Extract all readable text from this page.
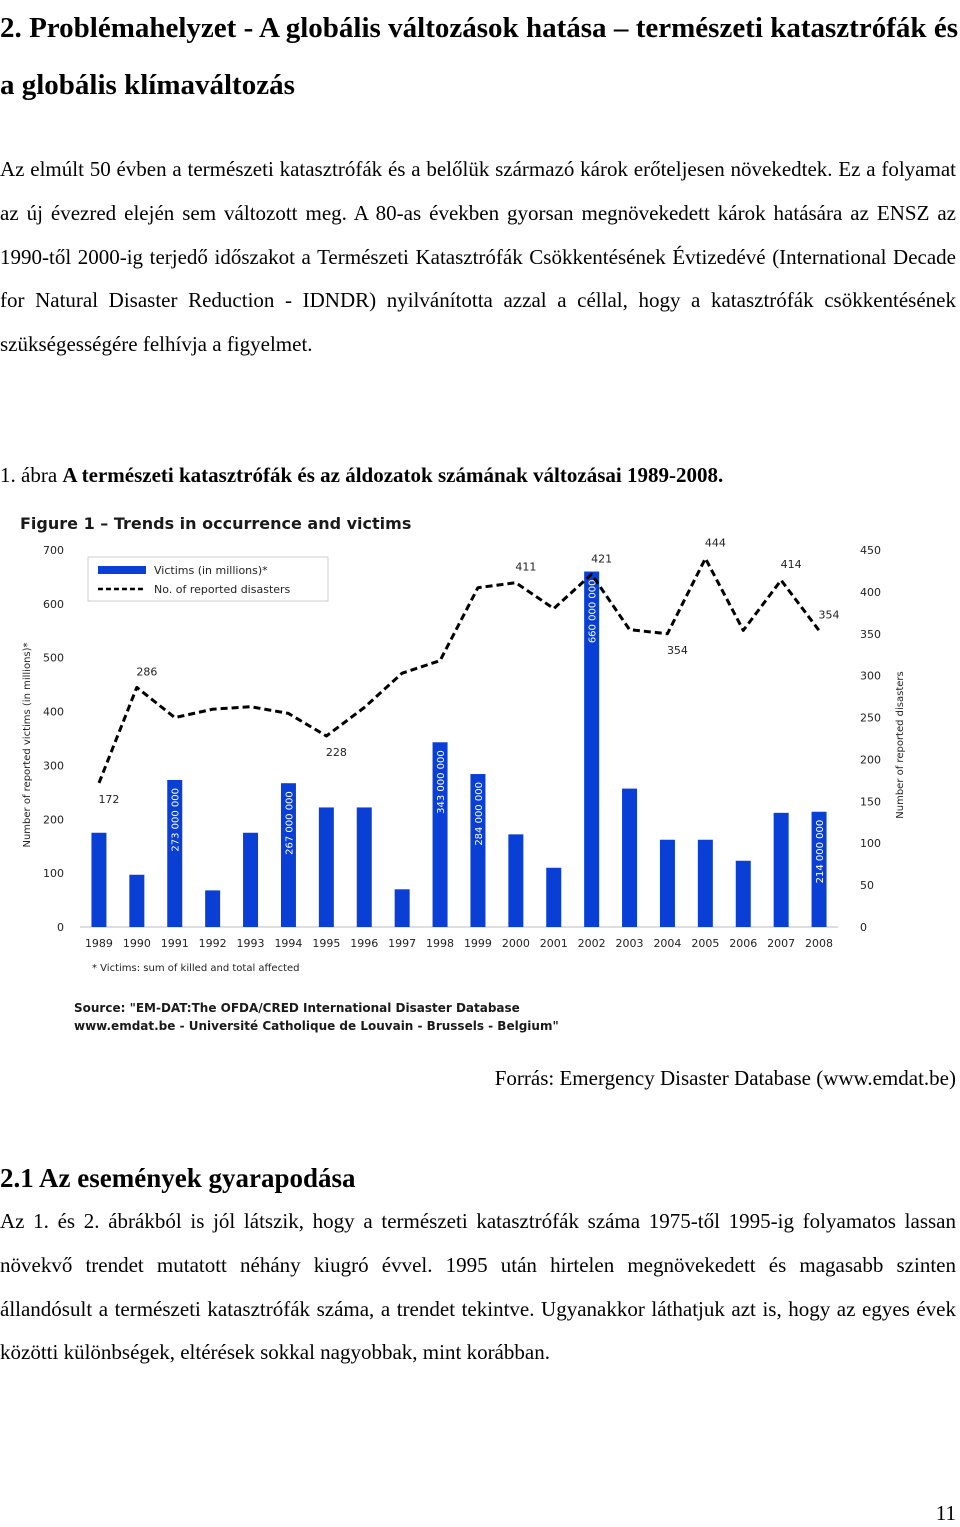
2. Problémahelyzet - A globális változások hatása – természeti katasztrófák és a globális klímaváltozás

Az elmúlt 50 évben a természeti katasztrófák és a belőlük származó károk erőteljesen növekedtek. Ez a folyamat az új évezred elején sem változott meg. A 80-as években gyorsan megnövekedett károk hatására az ENSZ az 1990-től 2000-ig terjedő időszakot a Természeti Katasztrófák Csökkentésének Évtizedévé (International Decade for Natural Disaster Reduction - IDNDR) nyilvánította azzal a céllal, hogy a katasztrófák csökkentésének szükségességére felhívja a figyelmet.

1. ábra A természeti katasztrófák és az áldozatok számának változásai 1989-2008.

Figure 1 – Trends in occurrence and victims
0
100
200
300
400
500
600
700
0
50
100
150
200
250
300
350
400
450
1989 1990 1991 1992 1993 1994 1995 1996 1997 1998 1999 2000 2001 2002 2003 2004 2005 2006 2007 2008
273 000 000	267 000 000
343 000 000	284 000 000
660 000 000
214 000 000
172
286
228
411
421
354
444
414
354
Victims (in millions)*
No. of reported disasters
Number of reported victims (in millions)*	Number of reported disasters
* Victims: sum of killed and total affected
Source: "EM-DAT:The OFDA/CRED International Disaster Database
www.emdat.be - Université Catholique de Louvain - Brussels - Belgium"

Forrás: Emergency Disaster Database (www.emdat.be)

2.1 Az események gyarapodása

Az 1. és 2. ábrákból is jól látszik, hogy a természeti katasztrófák száma 1975-től 1995-ig folyamatos lassan növekvő trendet mutatott néhány kiugró évvel. 1995 után hirtelen megnövekedett és magasabb szinten állandósult a természeti katasztrófák száma, a trendet tekintve. Ugyanakkor láthatjuk azt is, hogy az egyes évek közötti különbségek, eltérések sokkal nagyobbak, mint korábban.

11
